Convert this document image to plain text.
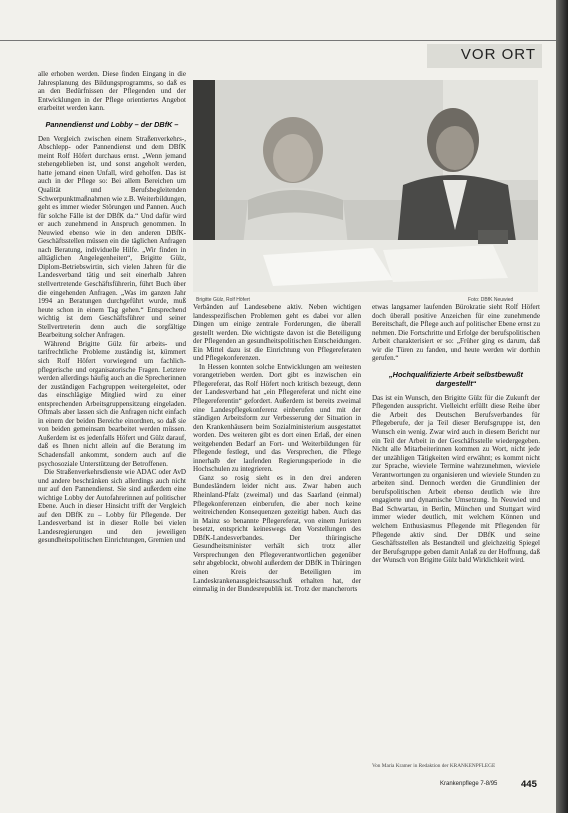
VOR ORT

alle erhoben werden. Diese finden Eingang in die Jahresplanung des Bildungsprogramms, so daß es an den Bedürfnissen der Pflegenden und der Entwicklungen in der Pflege orientiertes Angebot erarbeitet werden kann.

Pannendienst und Lobby – der DBfK –

Den Vergleich zwischen einem Straßenverkehrs-, Abschlepp- oder Pannendienst und dem DBfK meint Rolf Höfert durchaus ernst. „Wenn jemand stehengeblieben ist, und sonst angeholt werden, hatte jemand einen Unfall, wird geholfen. Das ist auch in der Pflege so: Bei allem Bereichen um Qualität und Berufsbegleitenden Schwerpunktmaßnahmen wie z.B. Weiterbildungen, geht es immer wieder Störungen und Pannen. Auch für solche Fälle ist der DBfK da.“ Und dafür wird er auch zunehmend in Anspruch genommen. In Neuwied ebenso wie in den anderen DBfK-Geschäftsstellen müssen ein die täglichen Anfragen nach Beratung, individuelle Hilfe. „Wir finden in alltäglichen Angelegenheiten“, Brigitte Gülz, Diplom-Betriebswirtin, sich vielen Jahren für die Landesverband tätig und seit einerhalb Jahren stellvertretende Geschäftsführerin, führt Buch über die eingehenden Anfragen. „Was im ganzen Jahr 1994 an Beratungen durchgeführt wurde, muß heute schon in einem Tag gehen.“ Entsprechend wichtig ist dem Geschäftsführer und seiner Stellvertreterin denn auch die sorgfältige Bearbeitung solcher Anfragen.

Während Brigitte Gülz für arbeits- und tarifrechtliche Probleme zuständig ist, kümmert sich Rolf Höfert vorwiegend um fachlich-pflegerische und organisatorische Fragen. Letztere werden allerdings häufig auch an die Sprecherinnen der zuständigen Fachgruppen weitergeleitet, oder das einschlägige Mitglied wird zu einer entsprechenden Arbeitsgruppensitzung eingeladen. Oftmals aber lassen sich die Anfragen nicht einfach in einem der beiden Bereiche einordnen, so daß sie von beiden gemeinsam bearbeitet werden müssen. Außerdem ist es jedenfalls Höfert und Gülz darauf, daß es Ihnen nicht allein auf die Beratung im Schadensfall ankommt, sondern auch auf die psychosoziale Unterstützung der Betroffenen.

Die Straßenverkehrsdienste wie ADAC oder AvD und andere beschränken sich allerdings auch nicht nur auf den Pannendienst. Sie sind außerdem eine wichtige Lobby der Autofahrerinnen auf politischer Ebene. Auch in dieser Hinsicht trifft der Vergleich auf den DBfK zu – Lobby für Pflegende. Der Landesverband ist in dieser Rolle bei vielen Landesregierungen und den jeweiligen gesundheitspolitischen Einrichtungen, Gremien und

Brigitte Gülz, Rolf Höfert	Foto: DBfK Neuwied

Verbänden auf Landesebene aktiv. Neben wichtigen landesspezifischen Problemen geht es dabei vor allen Dingen um einige zentrale Forderungen, die überall gestellt werden. Die wichtigste davon ist die Beteiligung der Pflegenden an gesundheitspolitischen Entscheidungen. Ein Mittel dazu ist die Einrichtung von Pflegereferaten und Pflegekonferenzen.

In Hessen konnten solche Entwicklungen am weitesten vorangetrieben werden. Dort gibt es inzwischen ein Pflegereferat, das Rolf Höfert noch kritisch bezeugt, denn der Landesverband hat „ein Pflegereferat und nicht eine Pflegereferentin“ gefordert. Außerdem ist bereits zweimal eine Landespflegekonferenz einberufen und mit der ständigen Arbeitsform zur Verbesserung der Situation in den Krankenhäusern beim Sozialministerium ausgestattet worden. Des weiteren gibt es dort einen Erlaß, der einen weitgehenden Bedarf an Fort- und Weiterbildungen für Pflegende festlegt, und das Versprechen, die Pflege innerhalb der laufenden Regierungsperiode in die Hochschulen zu integrieren.

Ganz so rosig sieht es in den drei anderen Bundesländern leider nicht aus. Zwar haben auch Rheinland-Pfalz (zweimal) und das Saarland (einmal) Pflegekonferenzen einberufen, die aber noch keine weitreichenden Konsequenzen gezeitigt haben. Auch das in Mainz so benannte Pflegereferat, von einem Juristen besetzt, entspricht keineswegs den Vorstellungen des DBfK-Landesverbandes. Der thüringische Gesundheitsminister verhält sich trotz aller Versprechungen den Pflegeverantwortlichen gegenüber sehr abgeblockt, obwohl außerdem der DBfK in Thüringen einen Kreis der Beteiligten im Landeskrankenausgleichsausschuß erhalten hat, der einmalig in der Bundesrepublik ist. Trotz der mancherorts

etwas langsamer laufenden Bürokratie sieht Rolf Höfert doch überall positive Anzeichen für eine zunehmende Bereitschaft, die Pflege auch auf politischer Ebene ernst zu nehmen. Die Fortschritte und Erfolge der berufspolitischen Arbeit charakterisiert er so: „Früher ging es darum, daß wir die Türen zu fanden, und heute werden wir dorthin gerufen.“

„Hochqualifizierte Arbeit selbstbewußt dargestellt“

Das ist ein Wunsch, den Brigitte Gülz für die Zukunft der Pflegenden ausspricht. Vielleicht erfüllt diese Reihe über die Arbeit des Deutschen Berufsverbandes für Pflegeberufe, der ja Teil dieser Berufsgruppe ist, den Wunsch ein wenig. Zwar wird auch in diesem Bericht nur ein Teil der Arbeit in der Geschäftsstelle wiedergegeben. Nicht alle Mitarbeiterinnen kommen zu Wort, nicht jede der unzähligen Tätigkeiten wird erwähnt; es kommt nicht zur Sprache, wieviele Termine wahrzunehmen, wieviele Verantwortungen zu organisieren und wieviele Stunden zu arbeiten sind. Dennoch werden die Grundlinien der berufspolitischen Arbeit ebenso deutlich wie ihre engagierte und dynamische Umsetzung. In Neuwied und Bad Schwartau, in Berlin, München und Stuttgart wird immer wieder deutlich, mit welchem Können und welchem Enthusiasmus Pflegende mit Pflegenden für Pflegende aktiv sind. Der DBfK und seine Geschäftsstellen als Bestandteil und gleichzeitig Spiegel der Berufsgruppe geben damit Anlaß zu der Hoffnung, daß der Wunsch von Brigitte Gülz bald Wirklichkeit wird.

Von Maria Kramer in Redaktion der KRANKENPFLEGE
Krankenpflege 7-8/95 445
